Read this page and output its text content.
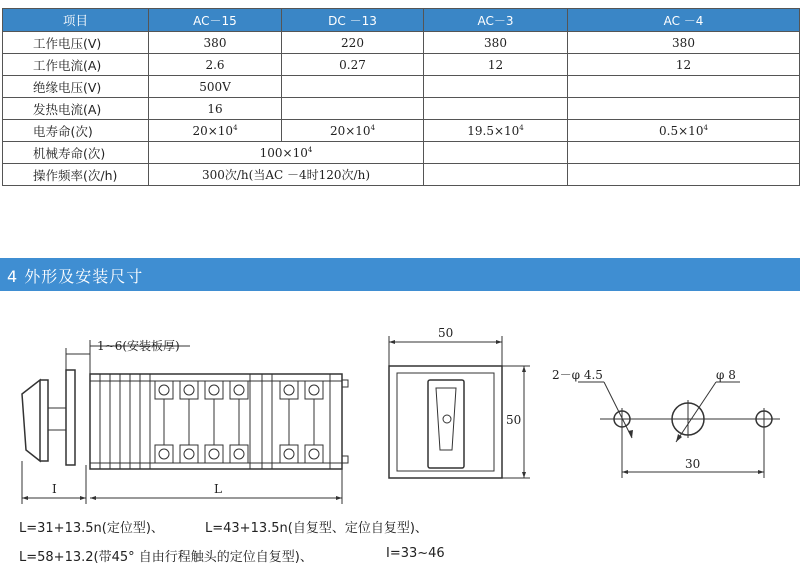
项目	AC－15	DC －13	AC－3	AC －4
工作电压(V)	380	220	380	380
工作电流(A)	2.6	0.27	12	12
绝缘电压(V)	500V			
发热电流(A)	16			
电寿命(次)	$20\times 10^4$	$20\times 10^4$	$19.5\times 10^4$	$0.5\times 10^4$
机械寿命(次)	$100\times 10^4$		
操作频率(次/h)	300次/h(当AC －4时120次/h)			
4 外形及安装尺寸
1~6(安装板厚)
I	L
50
50
2－φ 4.5	φ 8
30
L=31+13.5n(定位型)、	L=43+13.5n(自复型、定位自复型)、
L=58+13.2(带45° 自由行程触头的定位自复型)、	I=33~46
